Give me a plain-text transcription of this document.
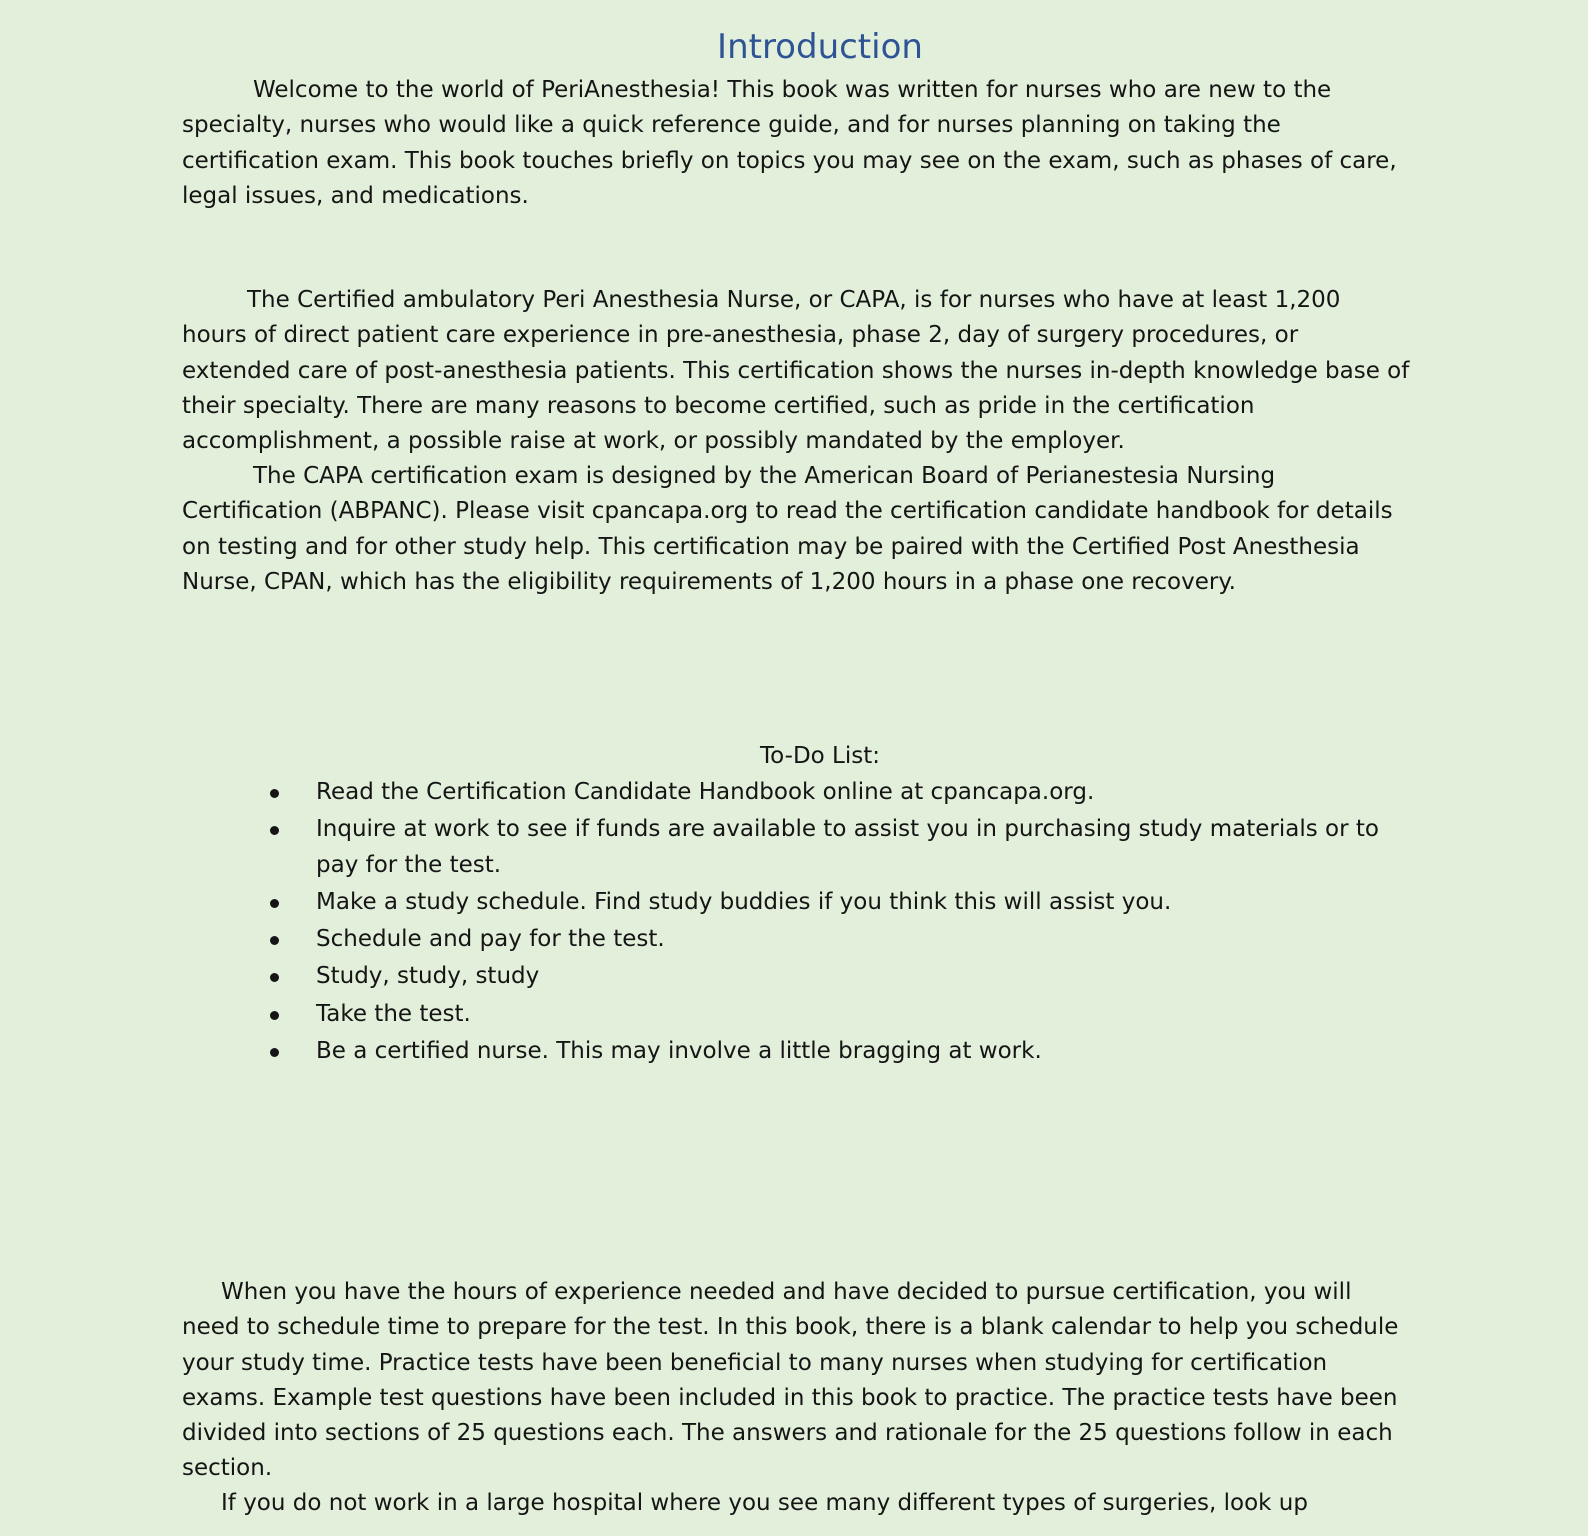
Introduction

Welcome to the world of PeriAnesthesia! This book was written for nurses who are new to the specialty, nurses who would like a quick reference guide, and for nurses planning on taking the certification exam. This book touches briefly on topics you may see on the exam, such as phases of care, legal issues, and medications.

The Certified ambulatory Peri Anesthesia Nurse, or CAPA, is for nurses who have at least 1,200 hours of direct patient care experience in pre-anesthesia, phase 2, day of surgery procedures, or extended care of post-anesthesia patients. This certification shows the nurses in-depth knowledge base of their specialty. There are many reasons to become certified, such as pride in the certification accomplishment, a possible raise at work, or possibly mandated by the employer.

The CAPA certification exam is designed by the American Board of Perianestesia Nursing Certification (ABPANC). Please visit cpancapa.org to read the certification candidate handbook for details on testing and for other study help. This certification may be paired with the Certified Post Anesthesia Nurse, CPAN, which has the eligibility requirements of 1,200 hours in a phase one recovery.

To-Do List:

Read the Certification Candidate Handbook online at cpancapa.org.
Inquire at work to see if funds are available to assist you in purchasing study materials or to pay for the test.
Make a study schedule. Find study buddies if you think this will assist you.
Schedule and pay for the test.
Study, study, study
Take the test.
Be a certified nurse. This may involve a little bragging at work.

When you have the hours of experience needed and have decided to pursue certification, you will need to schedule time to prepare for the test. In this book, there is a blank calendar to help you schedule your study time. Practice tests have been beneficial to many nurses when studying for certification exams. Example test questions have been included in this book to practice. The practice tests have been divided into sections of 25 questions each. The answers and rationale for the 25 questions follow in each section.

If you do not work in a large hospital where you see many different types of surgeries, look up
